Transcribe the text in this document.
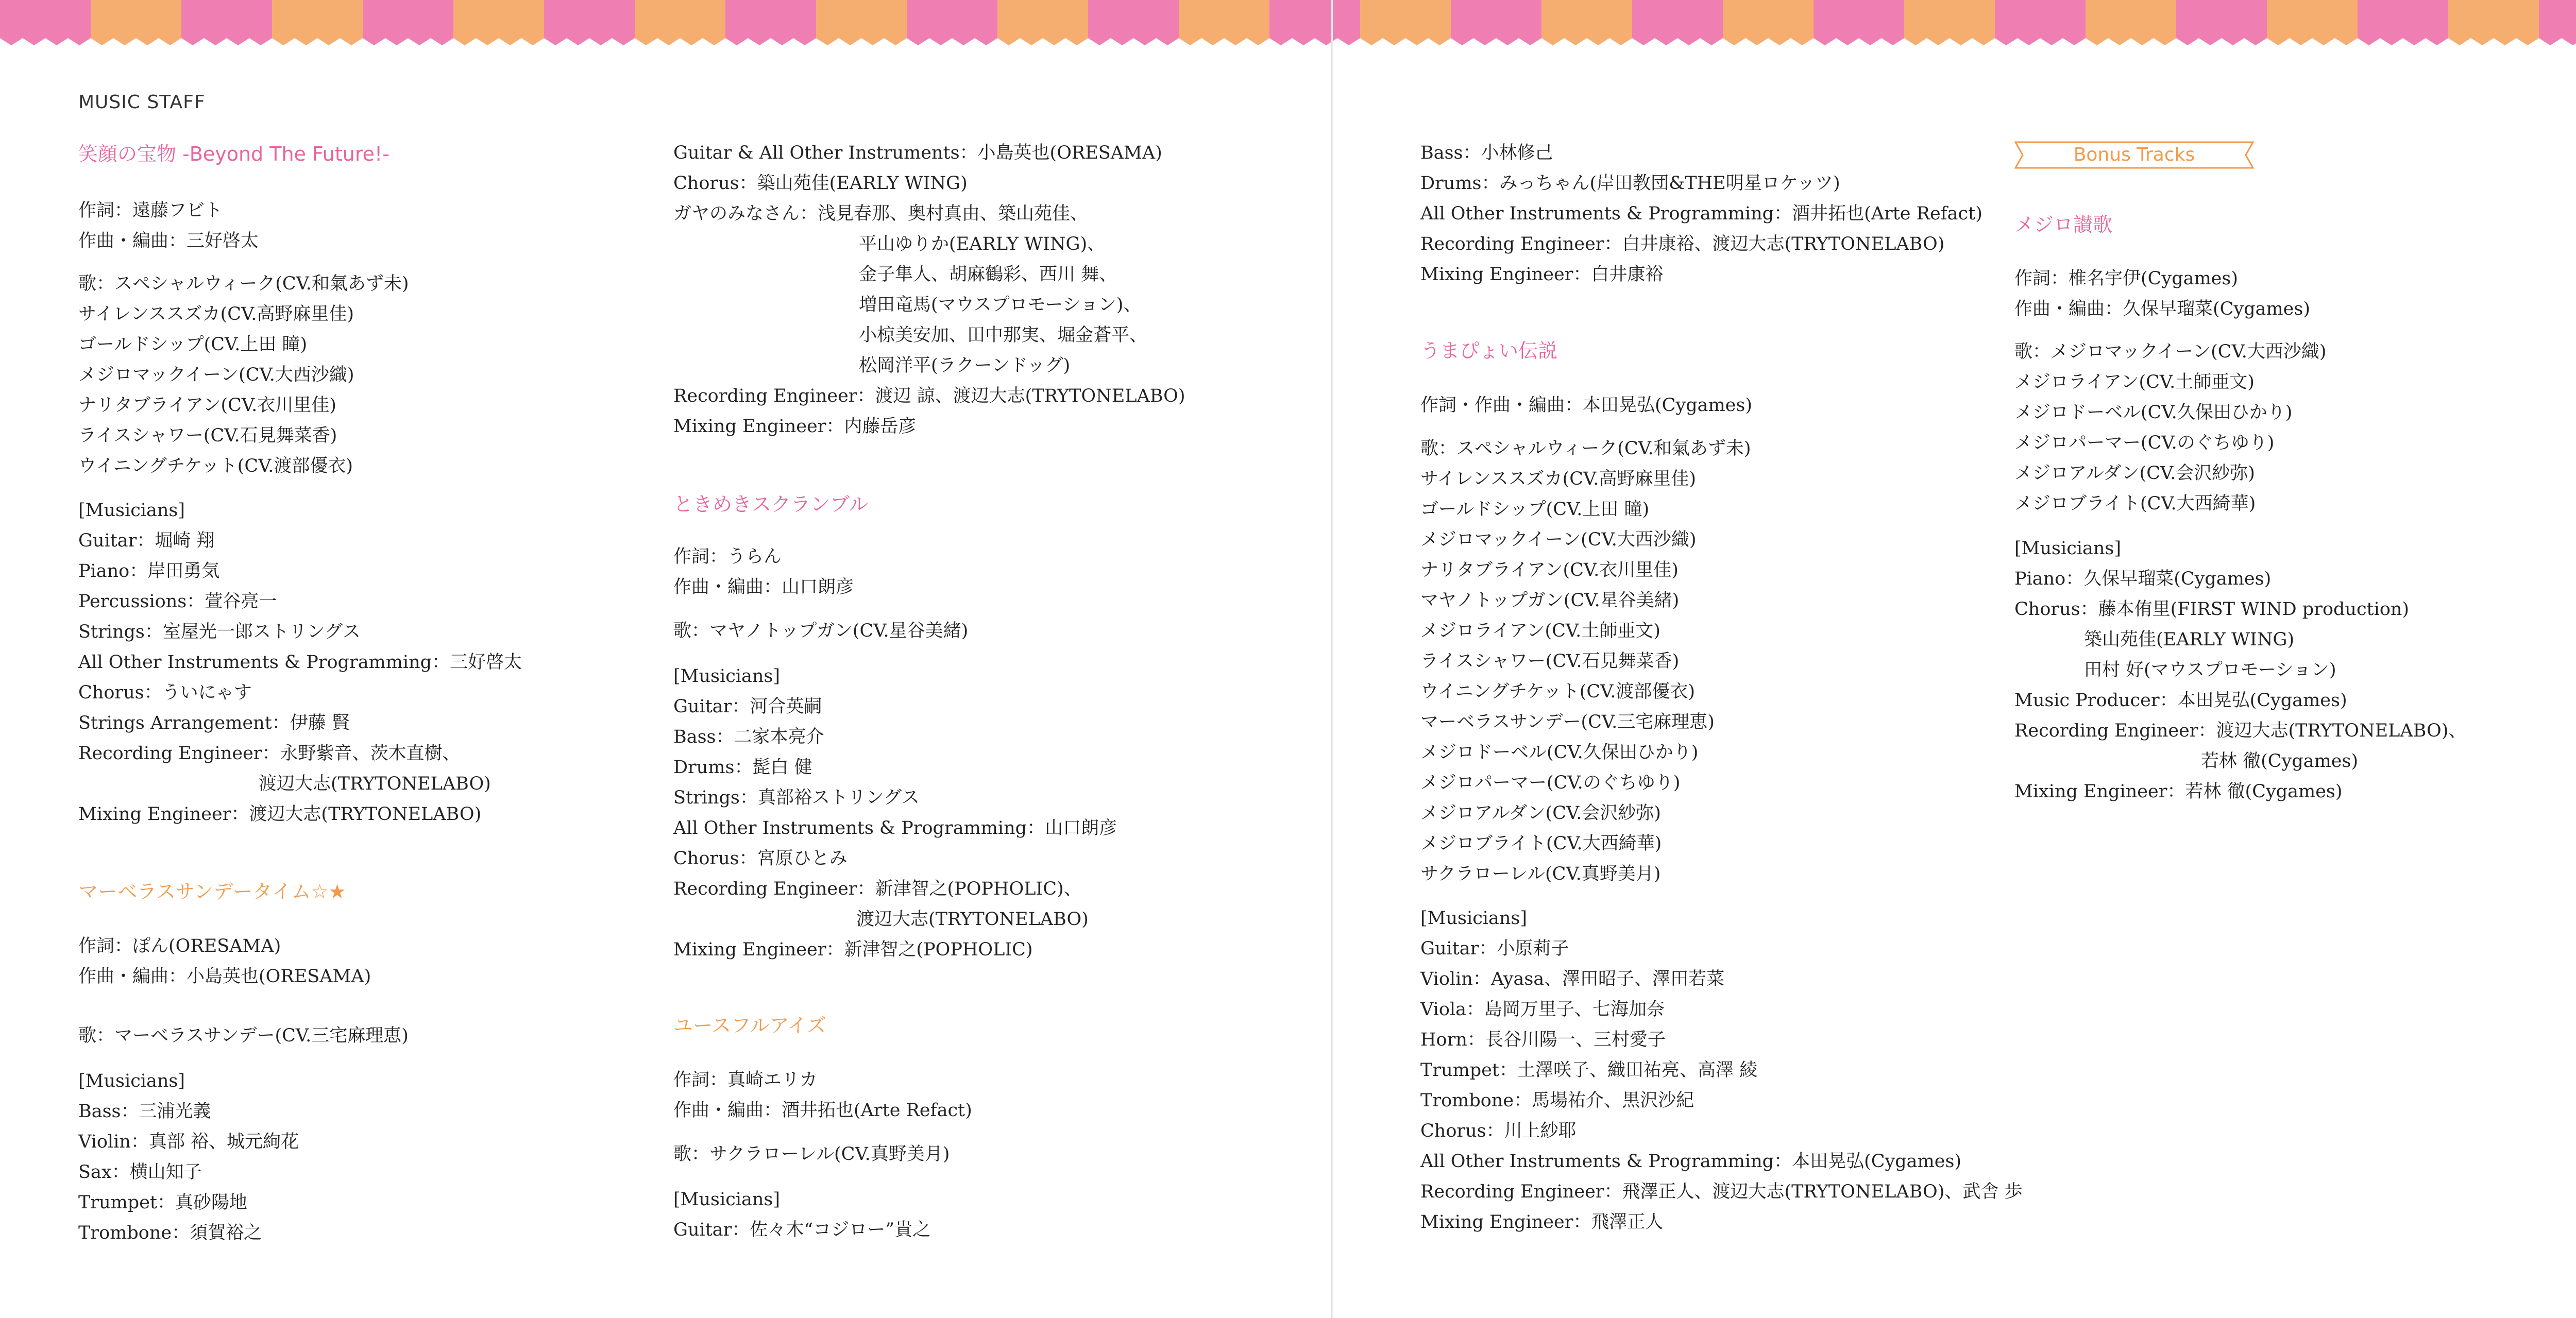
MUSIC STAFF
笑顔の宝物 -Beyond The Future!-
作詞：遠藤フビト
作曲・編曲：三好啓太
歌：スペシャルウィーク(CV.和氣あず未)
サイレンススズカ(CV.高野麻里佳)
ゴールドシップ(CV.上田 瞳)
メジロマックイーン(CV.大西沙織)
ナリタブライアン(CV.衣川里佳)
ライスシャワー(CV.石見舞菜香)
ウイニングチケット(CV.渡部優衣)
[Musicians]
Guitar：堀崎 翔
Piano：岸田勇気
Percussions：萱谷亮一
Strings：室屋光一郎ストリングス
All Other Instruments & Programming：三好啓太
Chorus：ういにゃす
Strings Arrangement：伊藤 賢
Recording Engineer：永野紫音、茨木直樹、
渡辺大志(TRYTONELABO)
Mixing Engineer：渡辺大志(TRYTONELABO)
マーベラスサンデータイム☆★
作詞：ぽん(ORESAMA)
作曲・編曲：小島英也(ORESAMA)
歌：マーベラスサンデー(CV.三宅麻理恵)
[Musicians]
Bass：三浦光義
Violin：真部 裕、城元絢花
Sax：横山知子
Trumpet：真砂陽地
Trombone：須賀裕之
Guitar & All Other Instruments：小島英也(ORESAMA)
Chorus：築山苑佳(EARLY WING)
ガヤのみなさん：浅見春那、奥村真由、築山苑佳、
平山ゆりか(EARLY WING)、
金子隼人、胡麻鶴彩、西川 舞、
増田竜馬(マウスプロモーション)、
小椋美安加、田中那実、堀金蒼平、
松岡洋平(ラクーンドッグ)
Recording Engineer：渡辺 諒、渡辺大志(TRYTONELABO)
Mixing Engineer：内藤岳彦
ときめきスクランブル
作詞：うらん
作曲・編曲：山口朗彦
歌：マヤノトップガン(CV.星谷美緒)
[Musicians]
Guitar：河合英嗣
Bass：二家本亮介
Drums：髭白 健
Strings：真部裕ストリングス
All Other Instruments & Programming：山口朗彦
Chorus：宮原ひとみ
Recording Engineer：新津智之(POPHOLIC)、
渡辺大志(TRYTONELABO)
Mixing Engineer：新津智之(POPHOLIC)
ユースフルアイズ
作詞：真崎エリカ
作曲・編曲：酒井拓也(Arte Refact)
歌：サクラローレル(CV.真野美月)
[Musicians]
Guitar：佐々木“コジロー”貴之
Bass：小林修己
Drums：みっちゃん(岸田教団&THE明星ロケッツ)
All Other Instruments & Programming：酒井拓也(Arte Refact)
Recording Engineer：白井康裕、渡辺大志(TRYTONELABO)
Mixing Engineer：白井康裕
うまぴょい伝説
作詞・作曲・編曲：本田晃弘(Cygames)
歌：スペシャルウィーク(CV.和氣あず未)
サイレンススズカ(CV.高野麻里佳)
ゴールドシップ(CV.上田 瞳)
メジロマックイーン(CV.大西沙織)
ナリタブライアン(CV.衣川里佳)
マヤノトップガン(CV.星谷美緒)
メジロライアン(CV.土師亜文)
ライスシャワー(CV.石見舞菜香)
ウイニングチケット(CV.渡部優衣)
マーベラスサンデー(CV.三宅麻理恵)
メジロドーベル(CV.久保田ひかり)
メジロパーマー(CV.のぐちゆり)
メジロアルダン(CV.会沢紗弥)
メジロブライト(CV.大西綺華)
サクラローレル(CV.真野美月)
[Musicians]
Guitar：小原莉子
Violin：Ayasa、澤田昭子、澤田若菜
Viola：島岡万里子、七海加奈
Horn：長谷川陽一、三村愛子
Trumpet：土澤咲子、織田祐亮、高澤 綾
Trombone：馬場祐介、黒沢沙紀
Chorus：川上紗耶
All Other Instruments & Programming：本田晃弘(Cygames)
Recording Engineer：飛澤正人、渡辺大志(TRYTONELABO)、武舎 歩
Mixing Engineer：飛澤正人
Bonus Tracks
メジロ讃歌
作詞：椎名宇伊(Cygames)
作曲・編曲：久保早瑠菜(Cygames)
歌：メジロマックイーン(CV.大西沙織)
メジロライアン(CV.土師亜文)
メジロドーベル(CV.久保田ひかり)
メジロパーマー(CV.のぐちゆり)
メジロアルダン(CV.会沢紗弥)
メジロブライト(CV.大西綺華)
[Musicians]
Piano：久保早瑠菜(Cygames)
Chorus：藤本侑里(FIRST WIND production)
築山苑佳(EARLY WING)
田村 好(マウスプロモーション)
Music Producer：本田晃弘(Cygames)
Recording Engineer：渡辺大志(TRYTONELABO)、
若林 徹(Cygames)
Mixing Engineer：若林 徹(Cygames)
